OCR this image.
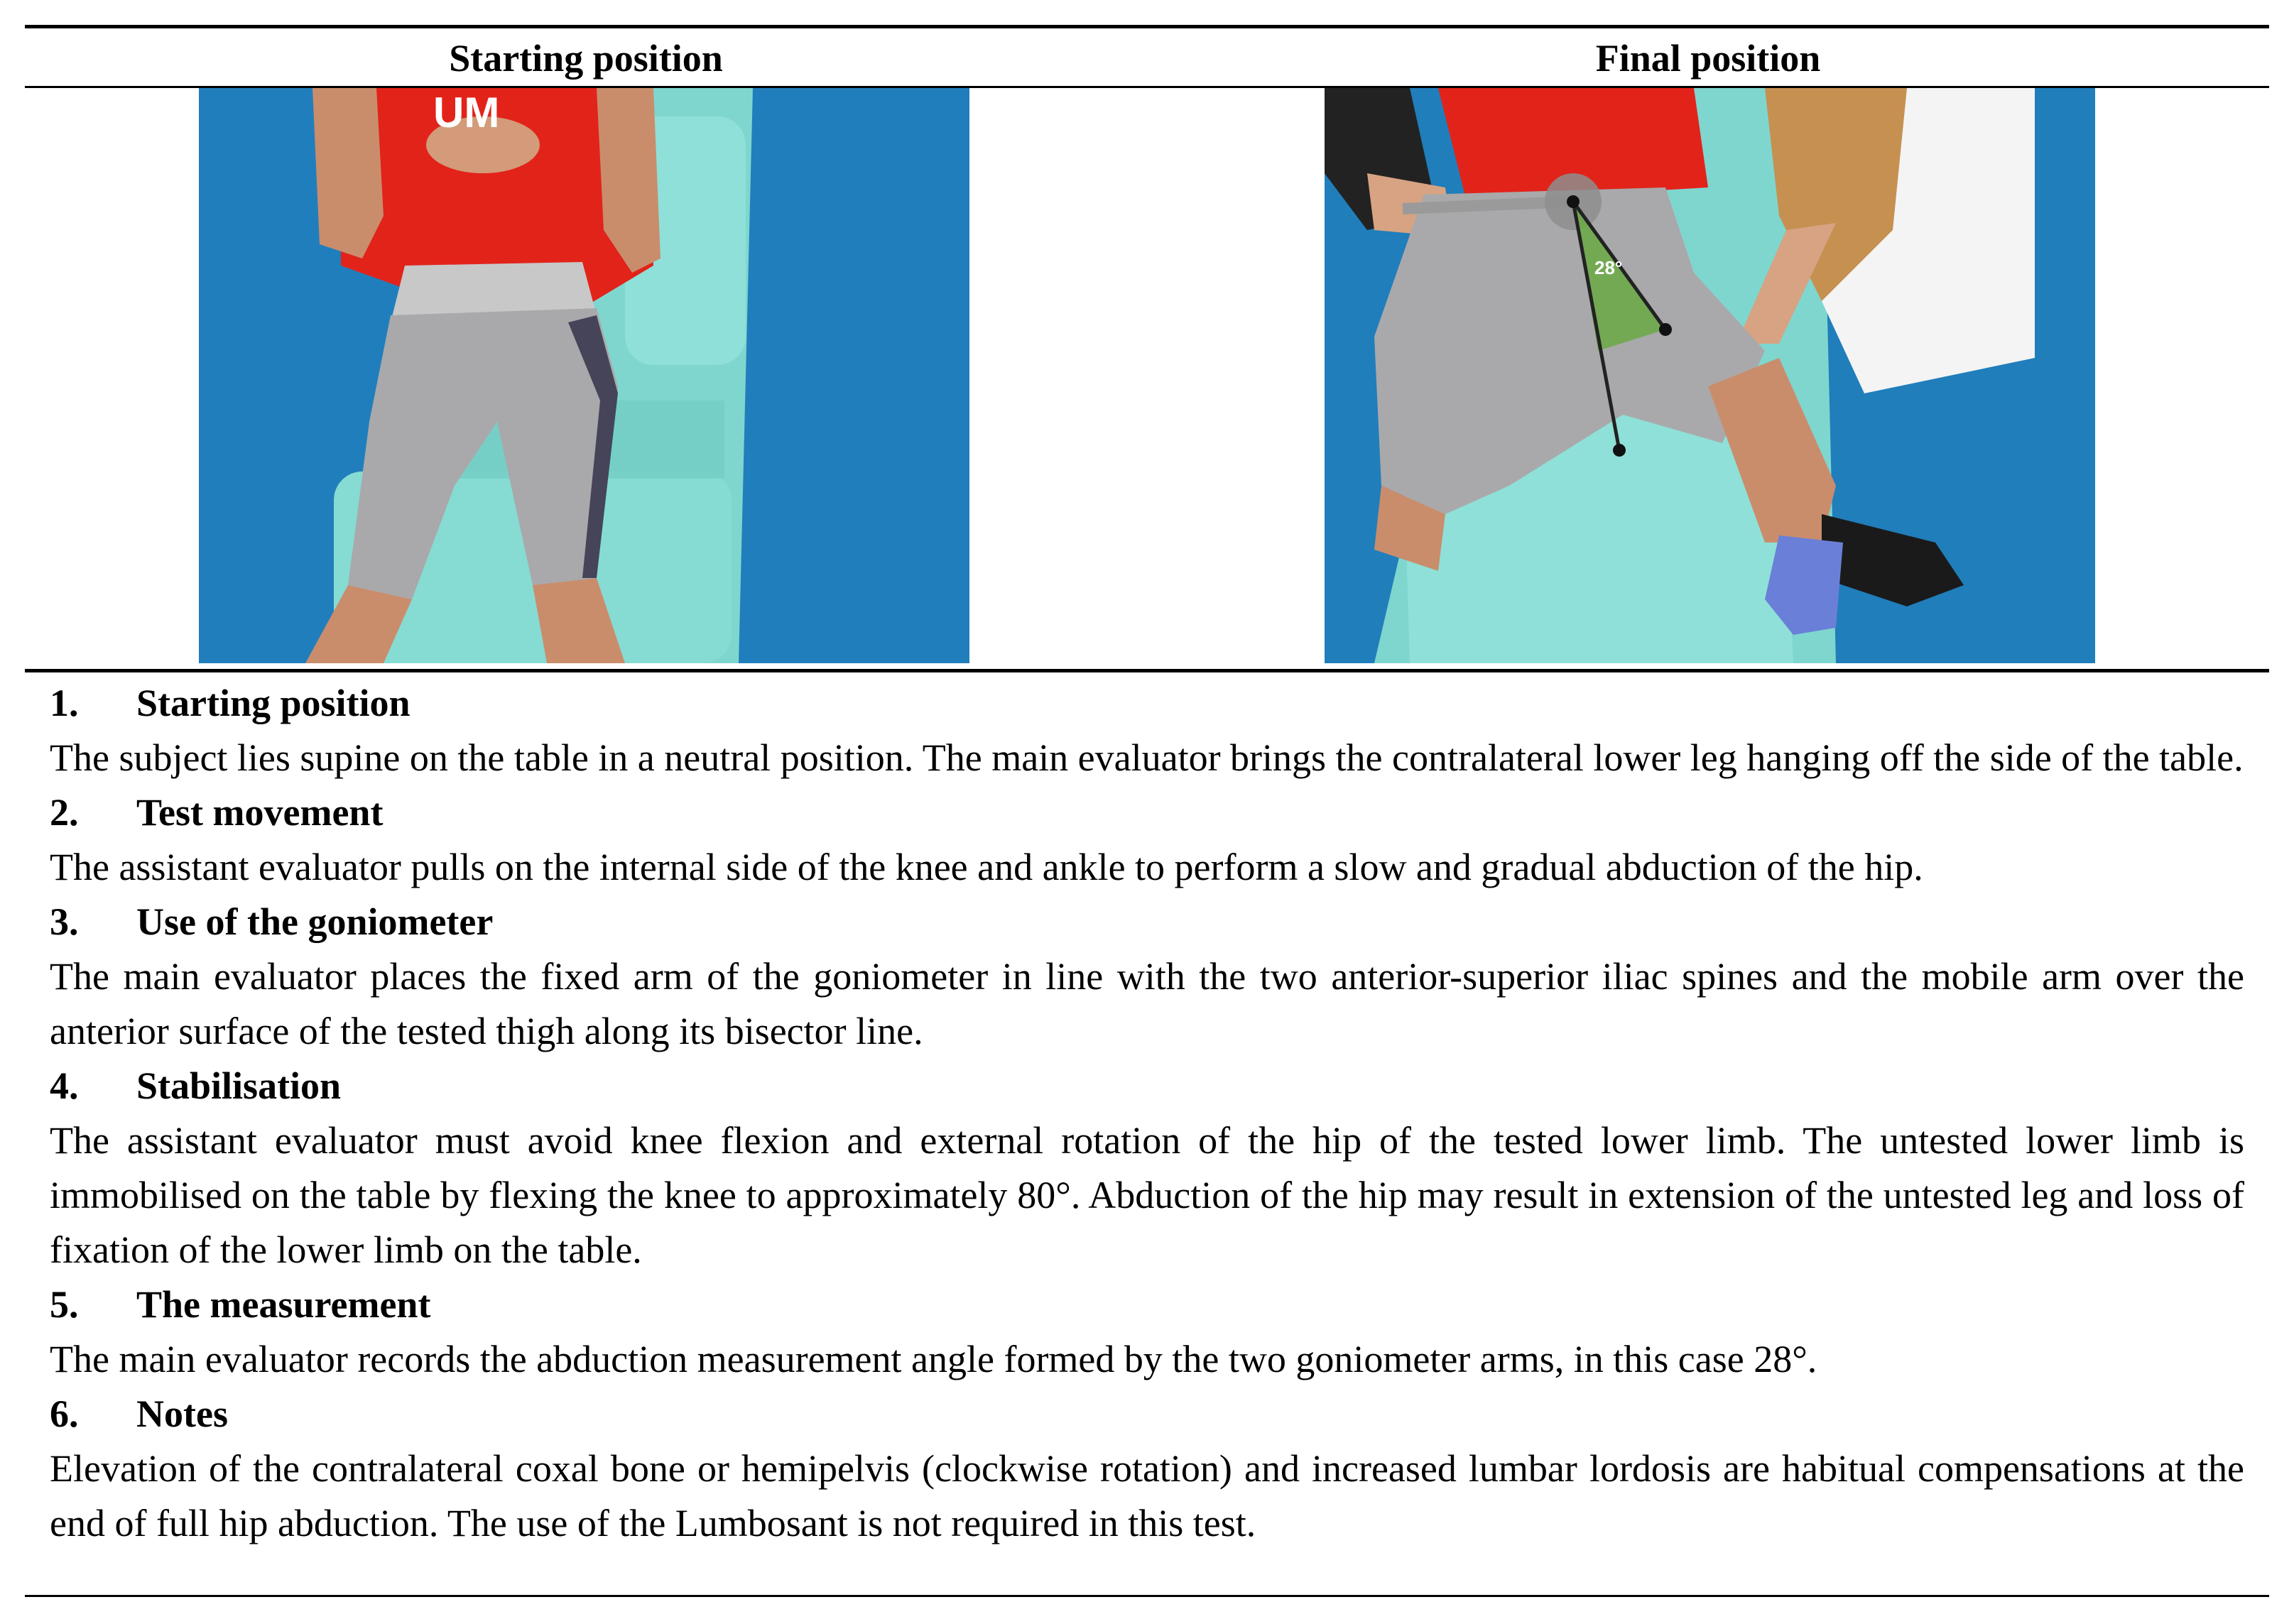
Starting position	Final position
UM
28°
1.	Starting position
The subject lies supine on the table in a neutral position. The main evaluator brings the contralateral lower leg hanging off the side of the table.
2.	Test movement
The assistant evaluator pulls on the internal side of the knee and ankle to perform a slow and gradual abduction of the hip.
3.	Use of the goniometer
The main evaluator places the fixed arm of the goniometer in line with the two anterior-superior iliac spines and the mobile arm over the anterior surface of the tested thigh along its bisector line.
4.	Stabilisation
The assistant evaluator must avoid knee flexion and external rotation of the hip of the tested lower limb. The untested lower limb is immobilised on the table by flexing the knee to approximately 80°. Abduction of the hip may result in extension of the untested leg and loss of fixation of the lower limb on the table.
5.	The measurement
The main evaluator records the abduction measurement angle formed by the two goniometer arms, in this case 28°.
6.	Notes
Elevation of the contralateral coxal bone or hemipelvis (clockwise rotation) and increased lumbar lordosis are habitual compensations at the end of full hip abduction. The use of the Lumbosant is not required in this test.
